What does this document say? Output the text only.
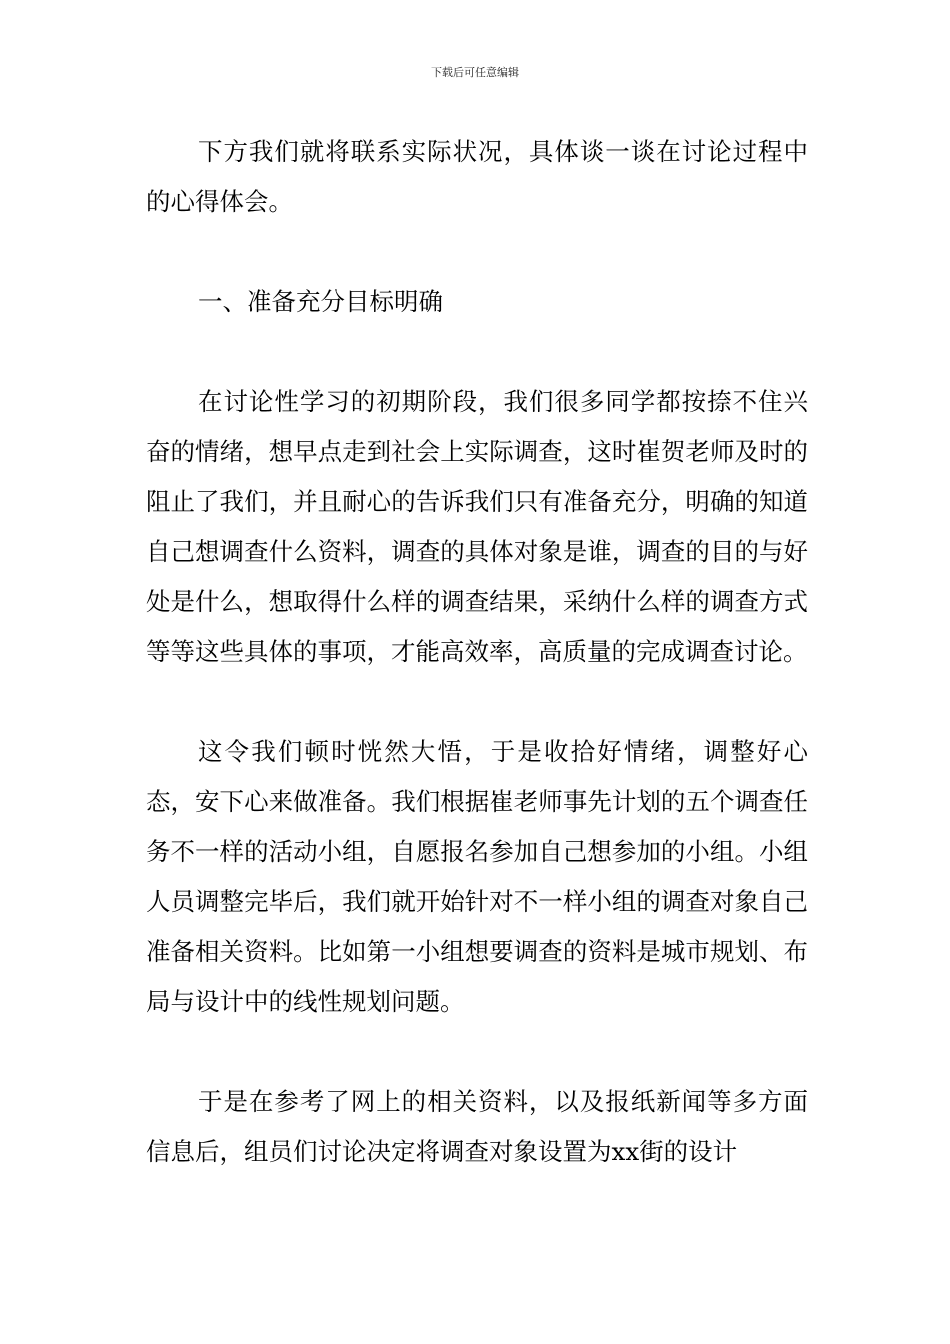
下载后可任意编辑

下方我们就将联系实际状况，具体谈一谈在讨论过程中的心得体会。

一、准备充分目标明确

在讨论性学习的初期阶段，我们很多同学都按捺不住兴奋的情绪，想早点走到社会上实际调查，这时崔贺老师及时的阻止了我们，并且耐心的告诉我们只有准备充分，明确的知道自己想调查什么资料，调查的具体对象是谁，调查的目的与好处是什么，想取得什么样的调查结果，采纳什么样的调查方式等等这些具体的事项，才能高效率，高质量的完成调查讨论。

这令我们顿时恍然大悟，于是收拾好情绪，调整好心态，安下心来做准备。我们根据崔老师事先计划的五个调查任务不一样的活动小组，自愿报名参加自己想参加的小组。小组人员调整完毕后，我们就开始针对不一样小组的调查对象自己准备相关资料。比如第一小组想要调查的资料是城市规划、布局与设计中的线性规划问题。

于是在参考了网上的相关资料，以及报纸新闻等多方面信息后，组员们讨论决定将调查对象设置为xx街的设计
